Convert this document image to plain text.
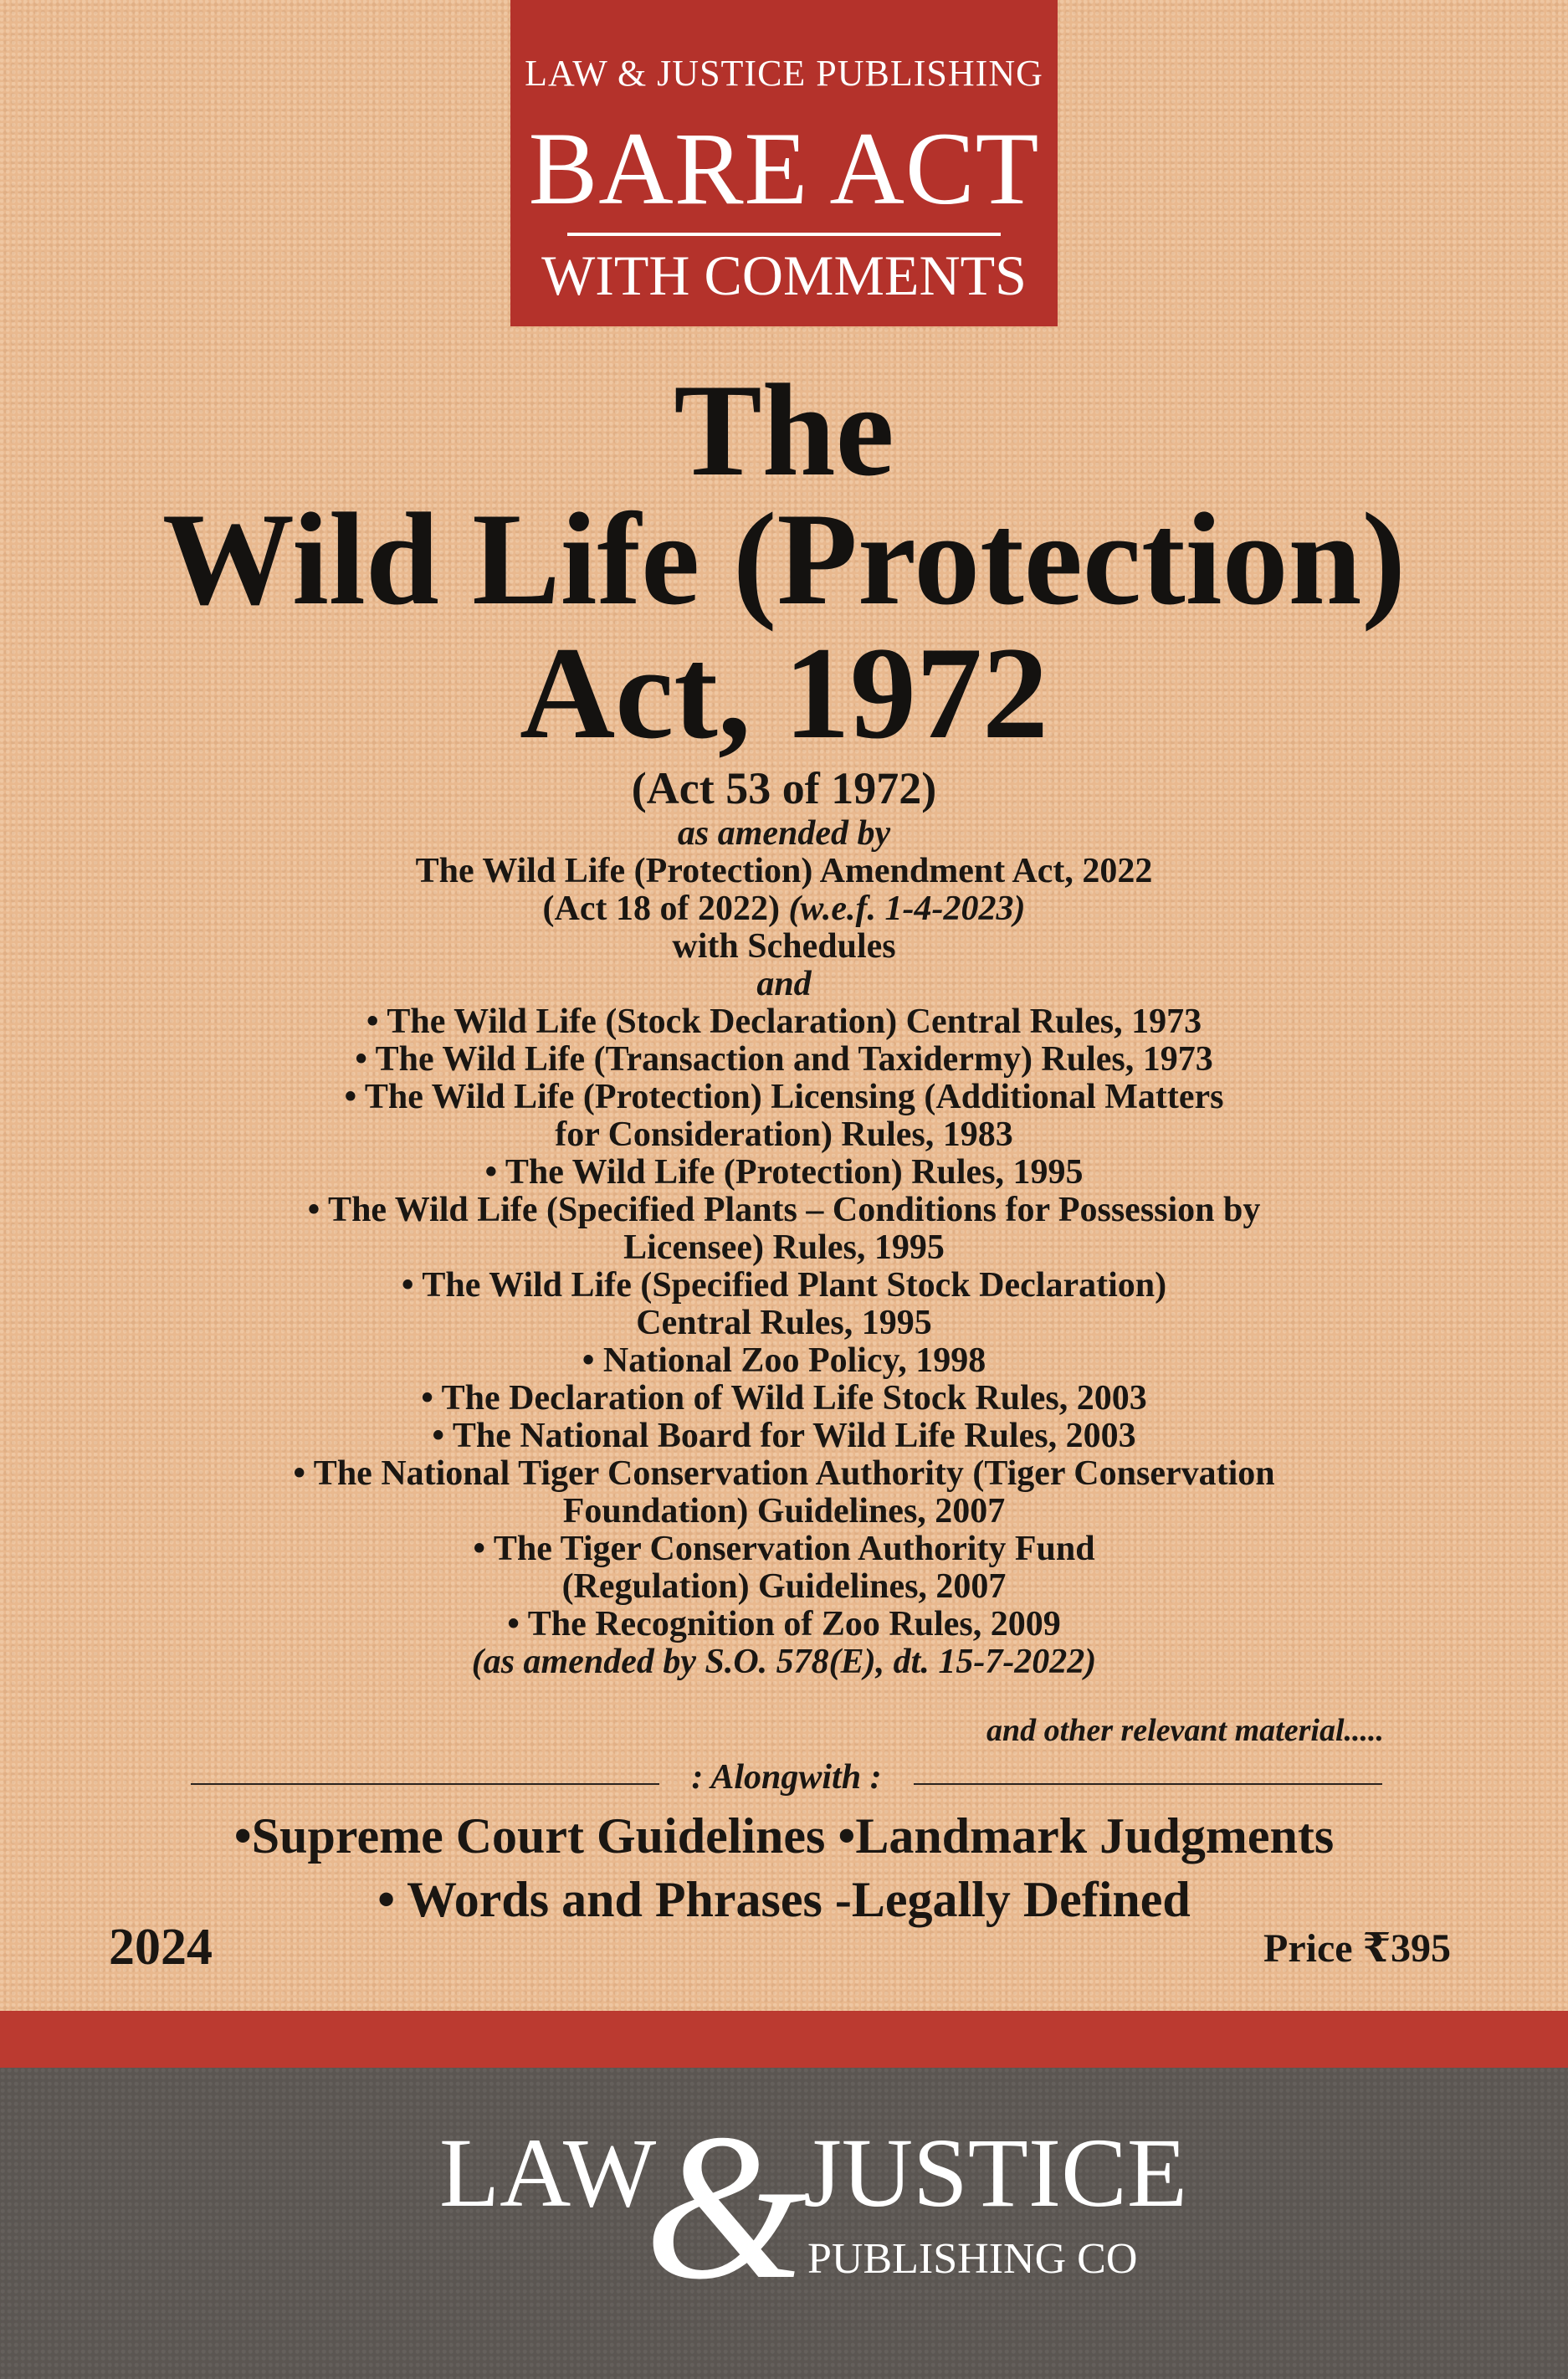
LAW & JUSTICE PUBLISHING
BARE ACT
WITH COMMENTS
The
Wild Life (Protection)
Act, 1972
(Act 53 of 1972)
as amended by
The Wild Life (Protection) Amendment Act, 2022
(Act 18 of 2022) (w.e.f. 1-4-2023)
with Schedules
and
• The Wild Life (Stock Declaration) Central Rules, 1973
• The Wild Life (Transaction and Taxidermy) Rules, 1973
• The Wild Life (Protection) Licensing (Additional Matters
for Consideration) Rules, 1983
• The Wild Life (Protection) Rules, 1995
• The Wild Life (Specified Plants – Conditions for Possession by
Licensee) Rules, 1995
• The Wild Life (Specified Plant Stock Declaration)
Central Rules, 1995
• National Zoo Policy, 1998
• The Declaration of Wild Life Stock Rules, 2003
• The National Board for Wild Life Rules, 2003
• The National Tiger Conservation Authority (Tiger Conservation
Foundation) Guidelines, 2007
• The Tiger Conservation Authority Fund
(Regulation) Guidelines, 2007
• The Recognition of Zoo Rules, 2009
(as amended by S.O. 578(E), dt. 15-7-2022)
and other relevant material.....
: Alongwith :
•Supreme Court Guidelines •Landmark Judgments
• Words and Phrases -Legally Defined
2024	Price ₹395
LAW
&
JUSTICE
PUBLISHING CO
